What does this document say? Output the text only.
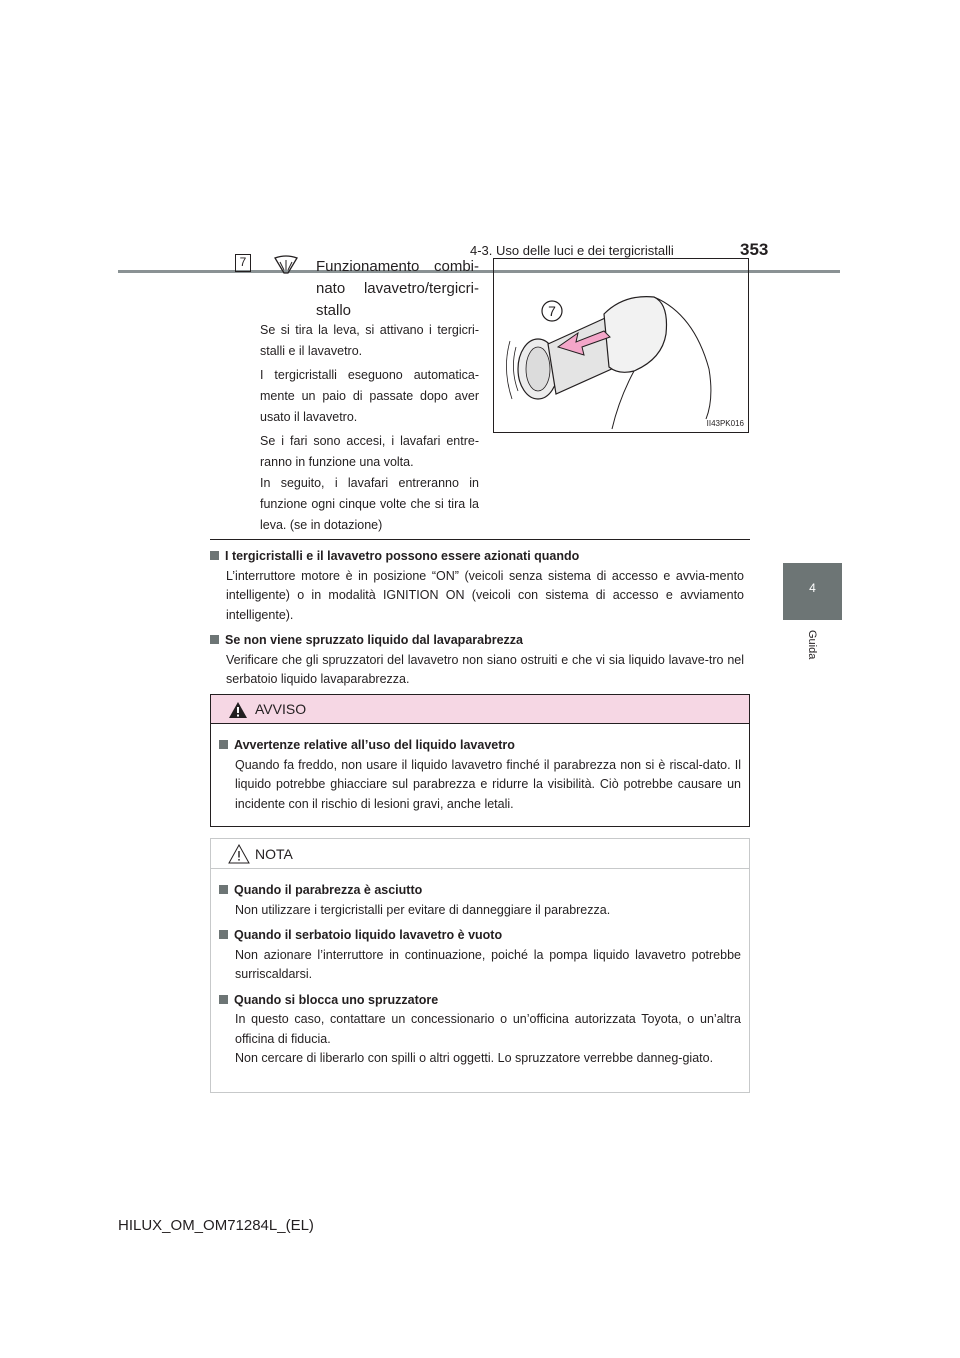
4-3. Uso delle luci e dei tergicristalli	353
4
Guida
7	Funzionamento combi-
nato lavavetro/tergicri-
stallo

Se si tira la leva, si attivano i tergicri-stalli e il lavavetro.

I tergicristalli eseguono automatica-mente un paio di passate dopo aver usato il lavavetro.

Se i fari sono accesi, i lavafari entre-ranno in funzione una volta.

In seguito, i lavafari entreranno in funzione ogni cinque volte che si tira la leva. (se in dotazione)

7
II43PK016
I tergicristalli e il lavavetro possono essere azionati quando
L’interruttore motore è in posizione “ON” (veicoli senza sistema di accesso e avvia-mento intelligente) o in modalità IGNITION ON (veicoli con sistema di accesso e avviamento intelligente).
Se non viene spruzzato liquido dal lavaparabrezza
Verificare che gli spruzzatori del lavavetro non siano ostruiti e che vi sia liquido lavave-tro nel serbatoio liquido lavaparabrezza.
AVVISO
Avvertenze relative all’uso del liquido lavavetro
Quando fa freddo, non usare il liquido lavavetro finché il parabrezza non si è riscal-dato. Il liquido potrebbe ghiacciare sul parabrezza e ridurre la visibilità. Ciò potrebbe causare un incidente con il rischio di lesioni gravi, anche letali.
NOTA
Quando il parabrezza è asciutto
Non utilizzare i tergicristalli per evitare di danneggiare il parabrezza.
Quando il serbatoio liquido lavavetro è vuoto
Non azionare l’interruttore in continuazione, poiché la pompa liquido lavavetro potrebbe surriscaldarsi.
Quando si blocca uno spruzzatore
In questo caso, contattare un concessionario o un’officina autorizzata Toyota, o un’altra officina di fiducia.
Non cercare di liberarlo con spilli o altri oggetti. Lo spruzzatore verrebbe danneg-giato.
HILUX_OM_OM71284L_(EL)
